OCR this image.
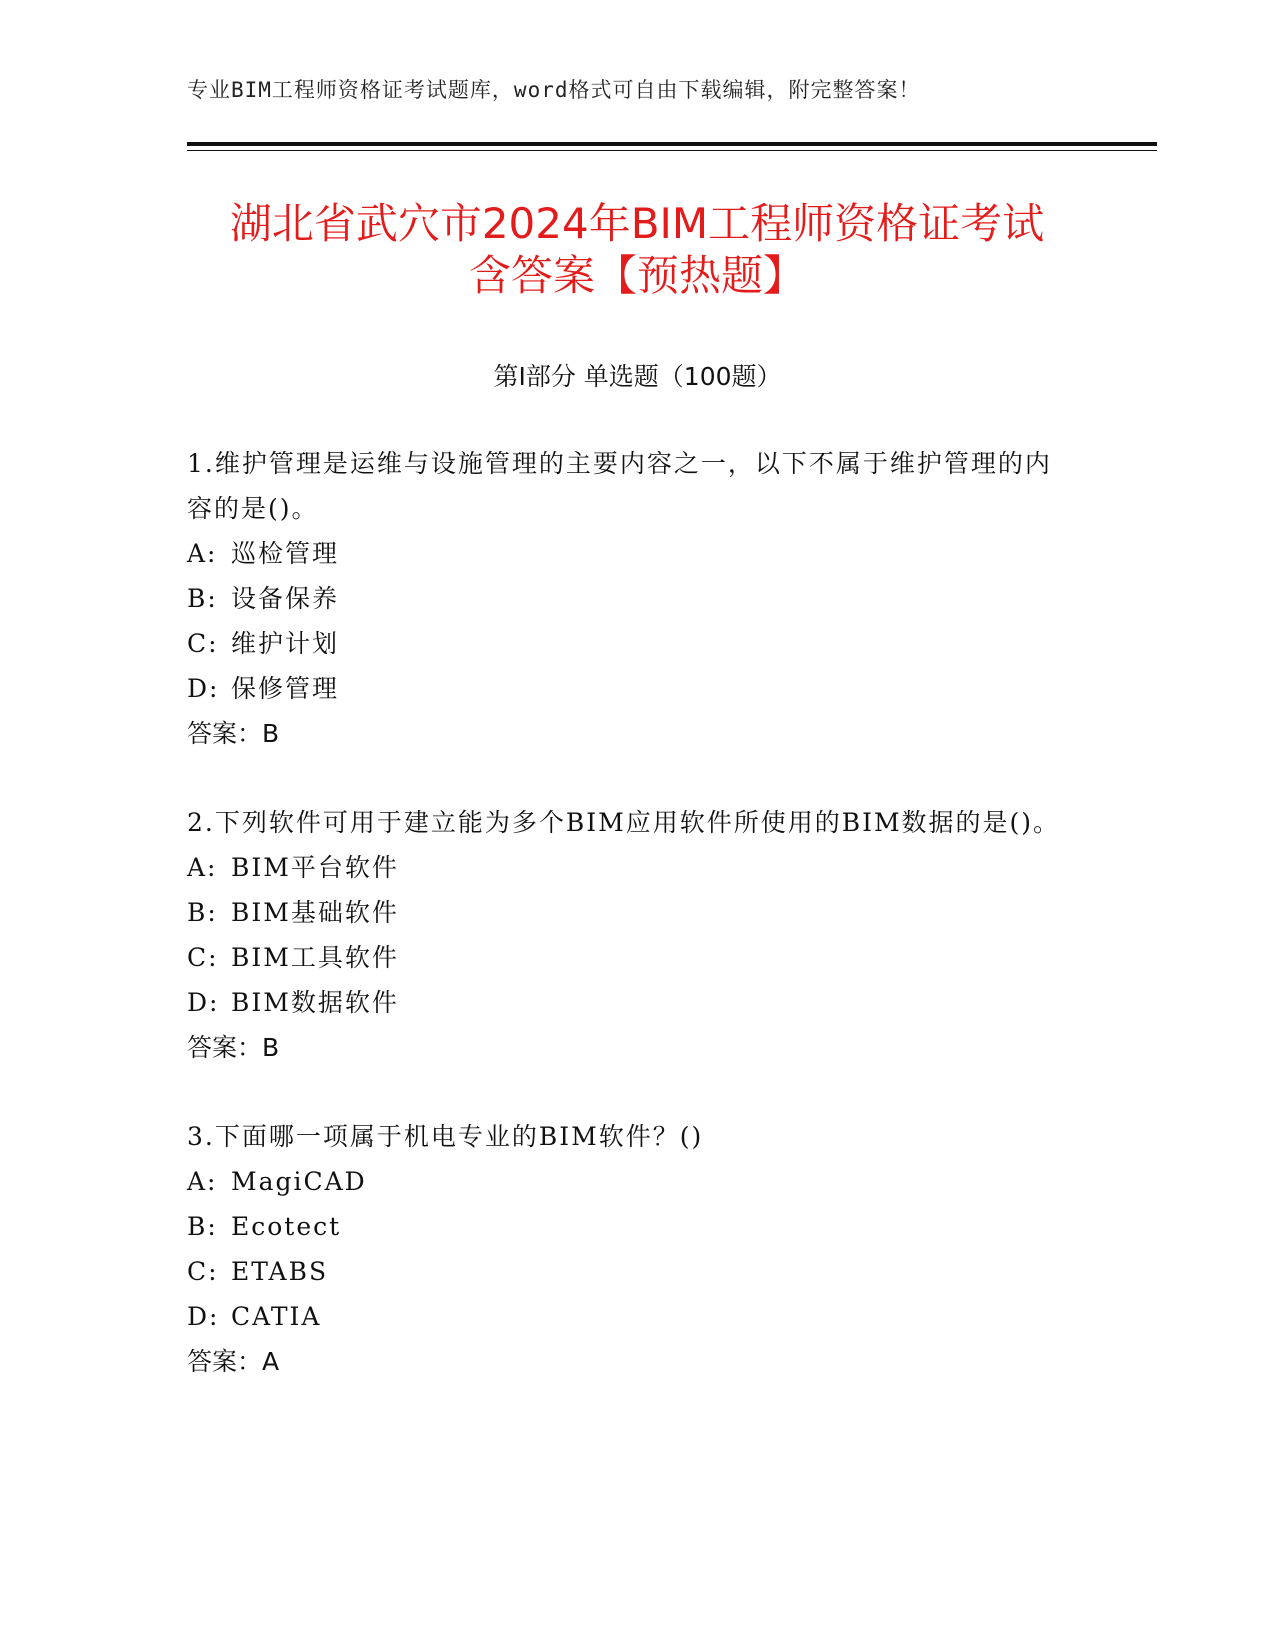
专业BIM工程师资格证考试题库，word格式可自由下载编辑，附完整答案！
湖北省武穴市2024年BIM工程师资格证考试
含答案【预热题】
第I部分 单选题（100题）
1.维护管理是运维与设施管理的主要内容之一，以下不属于维护管理的内容的是()。
A: 巡检管理
B: 设备保养
C: 维护计划
D: 保修管理
答案：B
2.下列软件可用于建立能为多个BIM应用软件所使用的BIM数据的是()。
A: BIM平台软件
B: BIM基础软件
C: BIM工具软件
D: BIM数据软件
答案：B
3.下面哪一项属于机电专业的BIM软件？()
A: MagiCAD
B: Ecotect
C: ETABS
D: CATIA
答案：A
